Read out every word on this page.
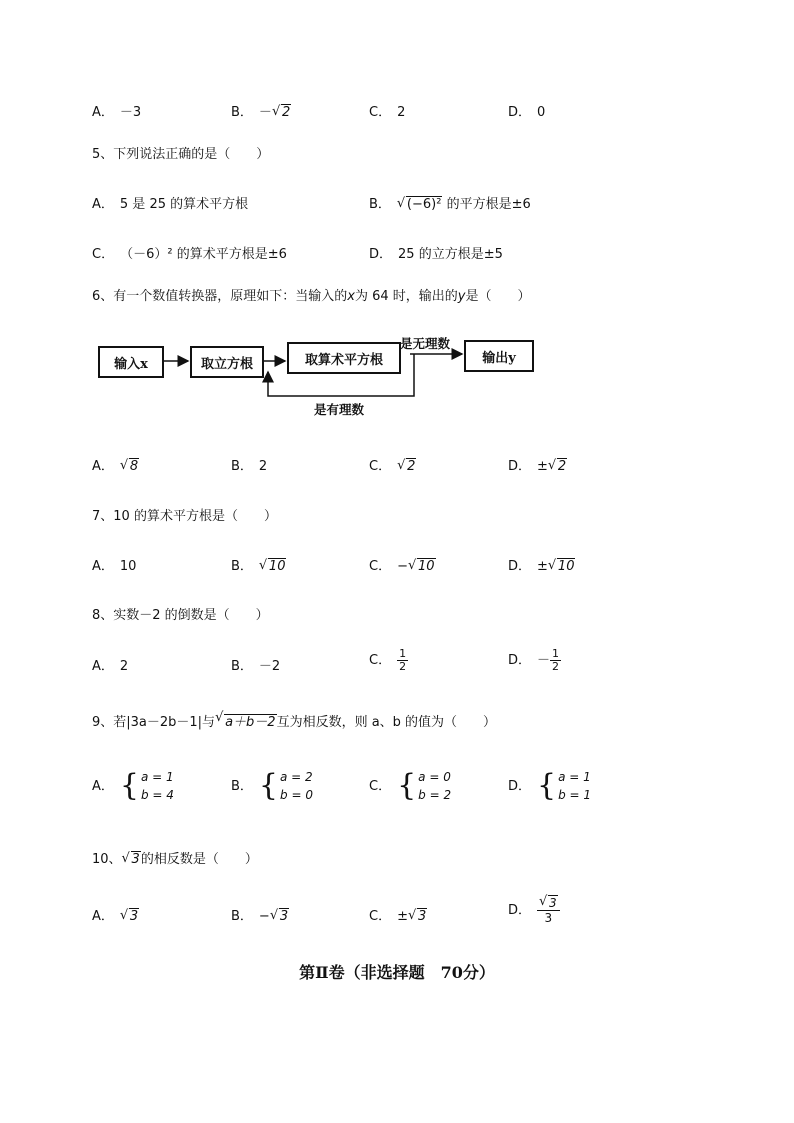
A． －3	B． － √ 2	C． 2	D． 0
5、下列说法正确的是（　　）
A． 5 是 25 的算术平方根	B． √ (−6)² 的平方根是±6
C． （－6）² 的算术平方根是±6	D． 25 的立方根是±5
6、有一个数值转换器，原理如下：当输入的x为 64 时，输出的y是（　　）
输入x	取立方根	取算术平方根	输出y
是无理数
是有理数
A． √ 8	B． 2	C． √ 2	D． ± √ 2
7、10 的算术平方根是（　　）
A． 10	B． √ 10	C． − √ 10	D． ± √ 10
8、实数－2 的倒数是（　　）
A． 2	B． －2	C． $\frac{1}{2}$	D． － $\frac{1}{2}$
9、若|3a－2b－1|与 √ a＋b－2互为相反数，则 a、b 的值为（　　）
A． { a = 1
b = 4
B． { a = 2
b = 0
C． { a = 0
b = 2
D． { a = 1
b = 1
10、 √ 3的相反数是（　　）
A． √ 3	B． − √ 3	C． ± √ 3	D． √ $\frac{3}{3}$
第Ⅱ卷（非选择题　70分）
